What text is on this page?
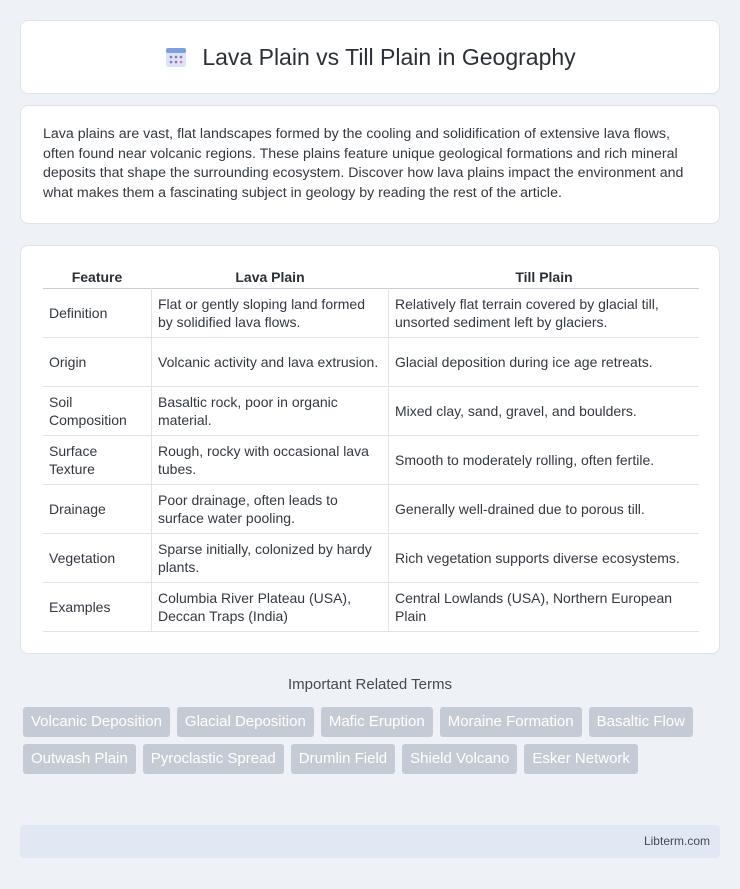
Lava Plain vs Till Plain in Geography

Lava plains are vast, flat landscapes formed by the cooling and solidification of extensive lava flows, often found near volcanic regions. These plains feature unique geological formations and rich mineral deposits that shape the surrounding ecosystem. Discover how lava plains impact the environment and what makes them a fascinating subject in geology by reading the rest of the article.

Feature	Lava Plain	Till Plain
Definition	Flat or gently sloping land formed by solidified lava flows.	Relatively flat terrain covered by glacial till, unsorted sediment left by glaciers.
Origin	Volcanic activity and lava extrusion.	Glacial deposition during ice age retreats.
Soil Composition	Basaltic rock, poor in organic material.	Mixed clay, sand, gravel, and boulders.
Surface Texture	Rough, rocky with occasional lava tubes.	Smooth to moderately rolling, often fertile.
Drainage	Poor drainage, often leads to surface water pooling.	Generally well-drained due to porous till.
Vegetation	Sparse initially, colonized by hardy plants.	Rich vegetation supports diverse ecosystems.
Examples	Columbia River Plateau (USA), Deccan Traps (India)	Central Lowlands (USA), Northern European Plain
Important Related Terms
Volcanic Deposition	Glacial Deposition	Mafic Eruption	Moraine Formation	Basaltic Flow
Outwash Plain	Pyroclastic Spread	Drumlin Field	Shield Volcano	Esker Network
Libterm.com
